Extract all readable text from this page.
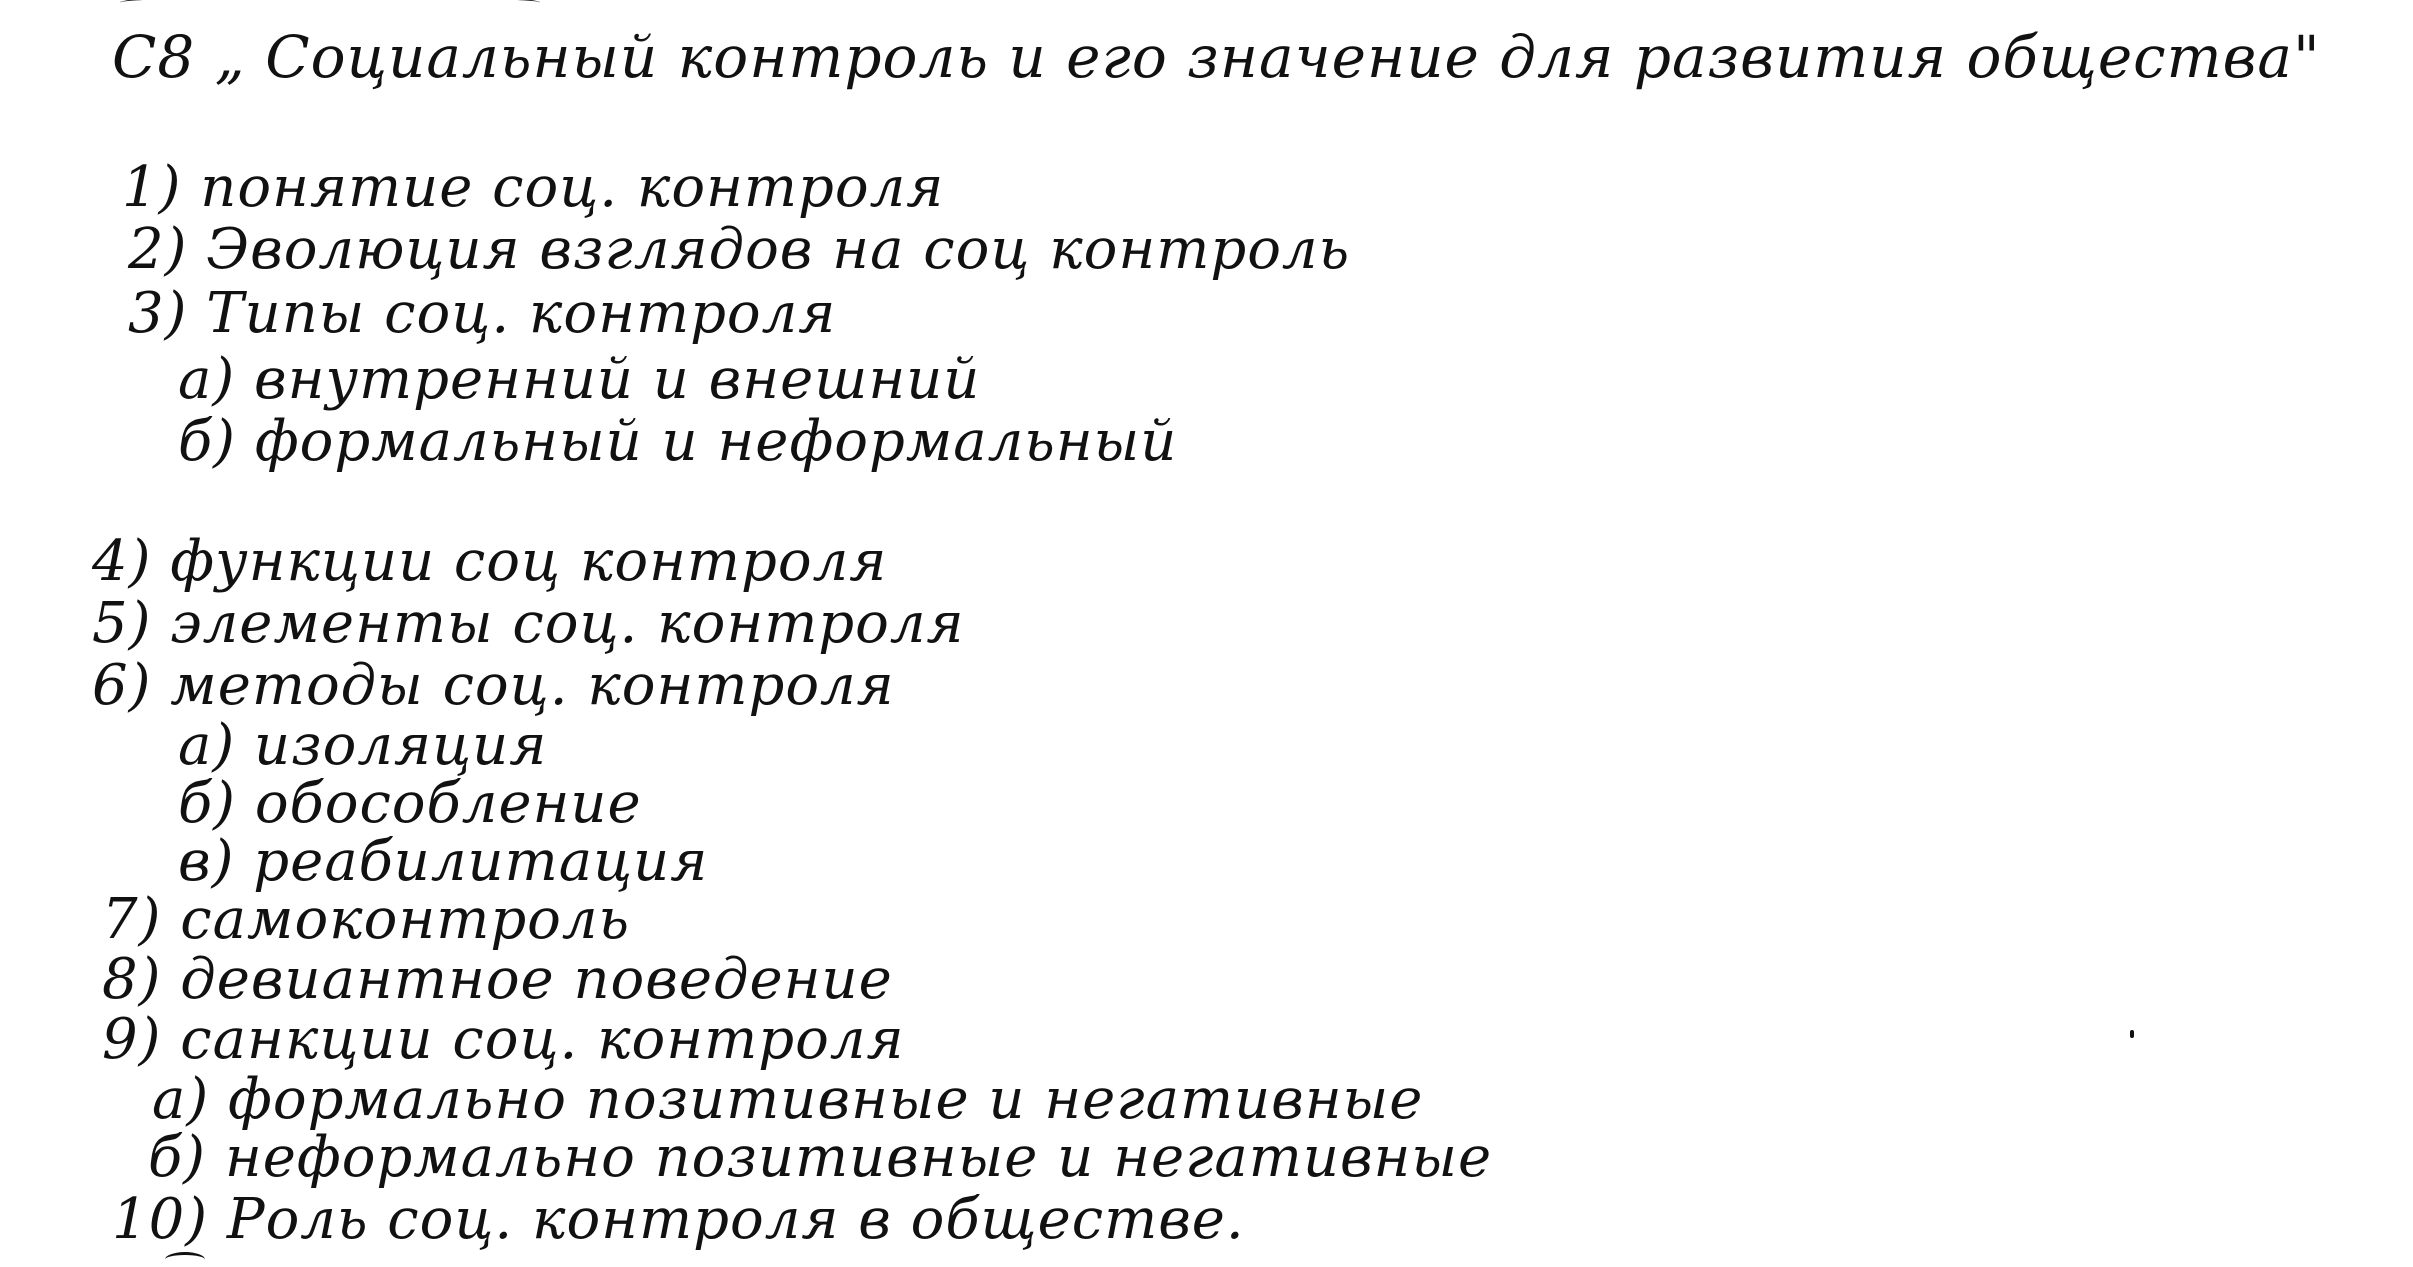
С8 „ Социальный контроль и его значение для развития общества"
1) понятие соц. контроля
2) Эволюция взглядов на соц контроль
3) Типы соц. контроля
а) внутренний и внешний
б) формальный и неформальный
4) функции соц контроля
5) элементы соц. контроля
6) методы соц. контроля
а) изоляция
б) обособление
в) реабилитация
7) самоконтроль
8) девиантное поведение
9) санкции соц. контроля
а) формально позитивные и негативные
б) неформально позитивные и негативные
10) Роль соц. контроля в обществе.
